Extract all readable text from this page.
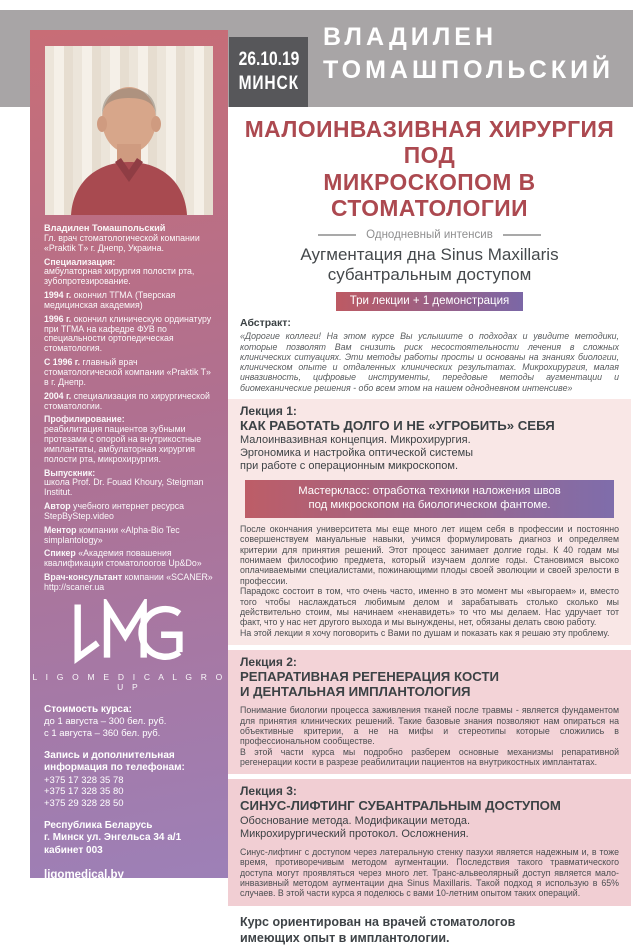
26.10.19
МИНСК
ВЛАДИЛЕН
ТОМАШПОЛЬСКИЙ

Владилен Томашпольский
Гл. врач стоматологической компании «Praktik T» г. Днепр, Украина.

Специализация:
амбулаторная хирургия полости рта, зубопротезирование.

1994 г. окончил ТГМА (Тверская медицинская академия)

1996 г. окончил клиническую ординатуру при ТГМА на кафедре ФУВ по специальности ортопедическая стоматология.

С 1996 г. главный врач стоматологической компании «Praktik T» в г. Днепр.

2004 г. специализация по хирургической стоматологии.

Профилирование:
реабилитация пациентов зубными протезами с опорой на внутрикостные имплантаты, амбулаторная хирургия полости рта, микрохирургия.

Выпускник:
школа Prof. Dr. Fouad Khoury, Steigman Institut.

Автор учебного интернет ресурса StepByStep.video

Ментор компании «Alpha-Bio Tec simplantology»

Спикер «Академия повашения квалификации стоматолоогов Up&Do»

Врач-консультант компании «SCANER»
http://scaner.ua

L I G O M E D I C A L G R O U P
Стоимость курса:
до 1 августа – 300 бел. руб.
с 1 августа – 360 бел. руб.
Запись и дополнительная
информация по телефонам:
+375 17 328 35 78
+375 17 328 35 80
+375 29 328 28 50
Республика Беларусь
г. Минск ул. Энгельса 34 а/1
кабинет 003
ligomedical.by
ligomedical@gmail.com
МАЛОИНВАЗИВНАЯ ХИРУРГИЯ ПОД
МИКРОСКОПОМ В СТОМАТОЛОГИИ
Однодневный интенсив
Аугментация дна Sinus Maxillaris
субантральным доступом
Три лекции + 1 демонстрация
Абстракт:
«Дорогие коллеги! На этом курсе Вы услышите о подходах и увидите методики, которые позволят Вам снизить риск несостоятельности лечения в сложных клинических ситуациях. Эти методы работы просты и основаны на знаниях биологии, клиническом опыте и отдаленных клинических результатах. Микрохирургия, малая инвазивность, цифровые инструменты, передовые методы аугментации и биомеханические решения - обо всем этом на нашем однодневном интенсиве»
Лекция 1:
КАК РАБОТАТЬ ДОЛГО И НЕ «УГРОБИТЬ» СЕБЯ
Малоинвазивная концепция. Микрохирургия.
Эргономика и настройка оптической системы
при работе с операционным микроскопом.
Мастеркласс: отработка техники наложения швов
под микроскопом на биологическом фантоме.

После окончания университета мы еще много лет ищем себя в профессии и постоянно совершенствуем мануальные навыки, учимся формулировать диагноз и определяем критерии для принятия решений. Этот процесс занимает долгие годы. К 40 годам мы понимаем философию предмета, который изучаем долгие годы. Становимся высоко оплачиваемыми специалистами, пожинающими плоды своей эволюции и своей зрелости в профессии.

Парадокс состоит в том, что очень часто, именно в это момент мы «выгораем» и, вместо того чтобы наслаждаться любимым делом и зарабатывать столько сколько мы действительно стоим, мы начинаем «ненавидеть» то что мы делаем. Нас удручает тот факт, что у нас нет другого выхода и мы вынуждены, нет, обязаны делать свою работу.

На этой лекции я хочу поговорить с Вами по душам и показать как я решаю эту проблему.

Лекция 2:
РЕПАРАТИВНАЯ РЕГЕНЕРАЦИЯ КОСТИ
И ДЕНТАЛЬНАЯ ИМПЛАНТОЛОГИЯ

Понимание биологии процесса заживления тканей после травмы - является фундаментом для принятия клинических решений. Такие базовые знания позволяют нам опираться на объективные критерии, а не на мифы и стереотипы которые сложились в профессиональном сообществе.

В этой части курса мы подробно разберем основные механизмы репаративной регенерации кости в разрезе реабилитации пациентов на внутрикостных имплантатах.

Лекция 3:
СИНУС-ЛИФТИНГ СУБАНТРАЛЬНЫМ ДОСТУПОМ
Обоснование метода. Модификации метода.
Микрохирургический протокол. Осложнения.

Синус-лифтинг с доступом через латеральную стенку пазухи является надежным и, в тоже время, противоречивым методом аугментации. Последствия такого травматического доступа могут проявляться через много лет. Транс-альвеолярный доступ является мало-инвазивный методом аугментации дна Sinus Maxillaris. Такой подход я использую в 65% случаев. В этой части курса я поделюсь с вами 10-летним опытом таких операций.

Курс ориентирован на врачей стоматологов
имеющих опыт в имплантологии.
